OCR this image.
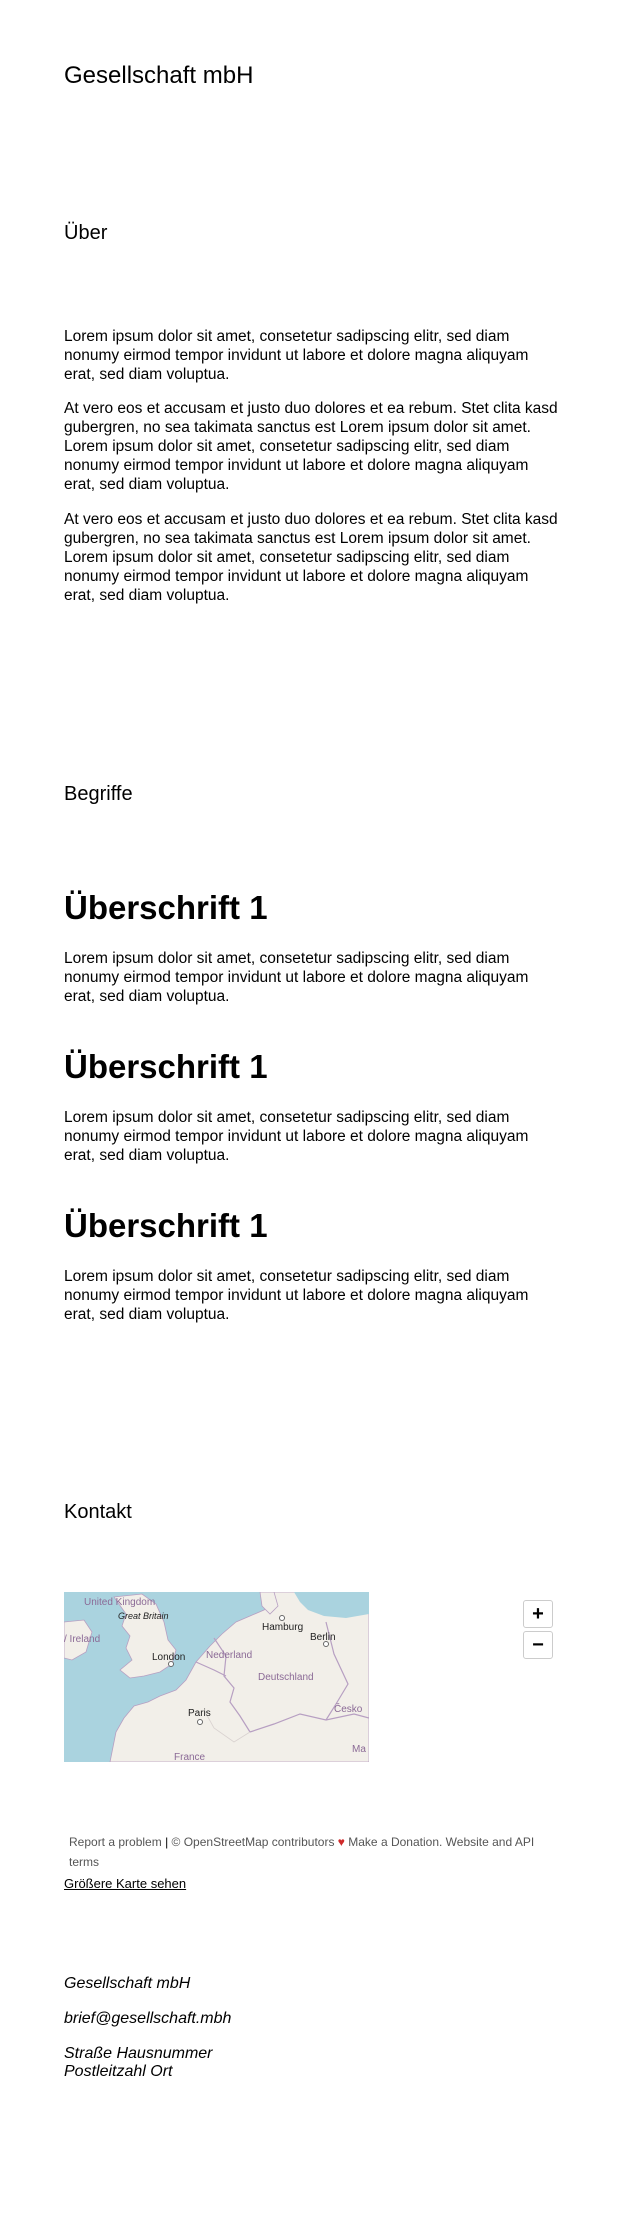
Gesellschaft mbH
Über

Lorem ipsum dolor sit amet, consetetur sadipscing elitr, sed diam nonumy eirmod tempor invidunt ut labore et dolore magna aliquyam erat, sed diam voluptua.

At vero eos et accusam et justo duo dolores et ea rebum. Stet clita kasd gubergren, no sea takimata sanctus est Lorem ipsum dolor sit amet. Lorem ipsum dolor sit amet, consetetur sadipscing elitr, sed diam nonumy eirmod tempor invidunt ut labore et dolore magna aliquyam erat, sed diam voluptua.

At vero eos et accusam et justo duo dolores et ea rebum. Stet clita kasd gubergren, no sea takimata sanctus est Lorem ipsum dolor sit amet. Lorem ipsum dolor sit amet, consetetur sadipscing elitr, sed diam nonumy eirmod tempor invidunt ut labore et dolore magna aliquyam erat, sed diam voluptua.

Begriffe
Überschrift 1

Lorem ipsum dolor sit amet, consetetur sadipscing elitr, sed diam nonumy eirmod tempor invidunt ut labore et dolore magna aliquyam erat, sed diam voluptua.

Überschrift 1

Lorem ipsum dolor sit amet, consetetur sadipscing elitr, sed diam nonumy eirmod tempor invidunt ut labore et dolore magna aliquyam erat, sed diam voluptua.

Überschrift 1

Lorem ipsum dolor sit amet, consetetur sadipscing elitr, sed diam nonumy eirmod tempor invidunt ut labore et dolore magna aliquyam erat, sed diam voluptua.

Kontakt
United Kingdom
Great Britain
/ Ireland
London Nederland
Hamburg
Berlin
Deutschland
Paris	Česko
France
Ma
+
−

Report a problem | © OpenStreetMap contributors ♥ Make a Donation. Website and API terms

Größere Karte sehen

Gesellschaft mbH

brief@gesellschaft.mbh

Straße Hausnummer

Postleitzahl Ort
